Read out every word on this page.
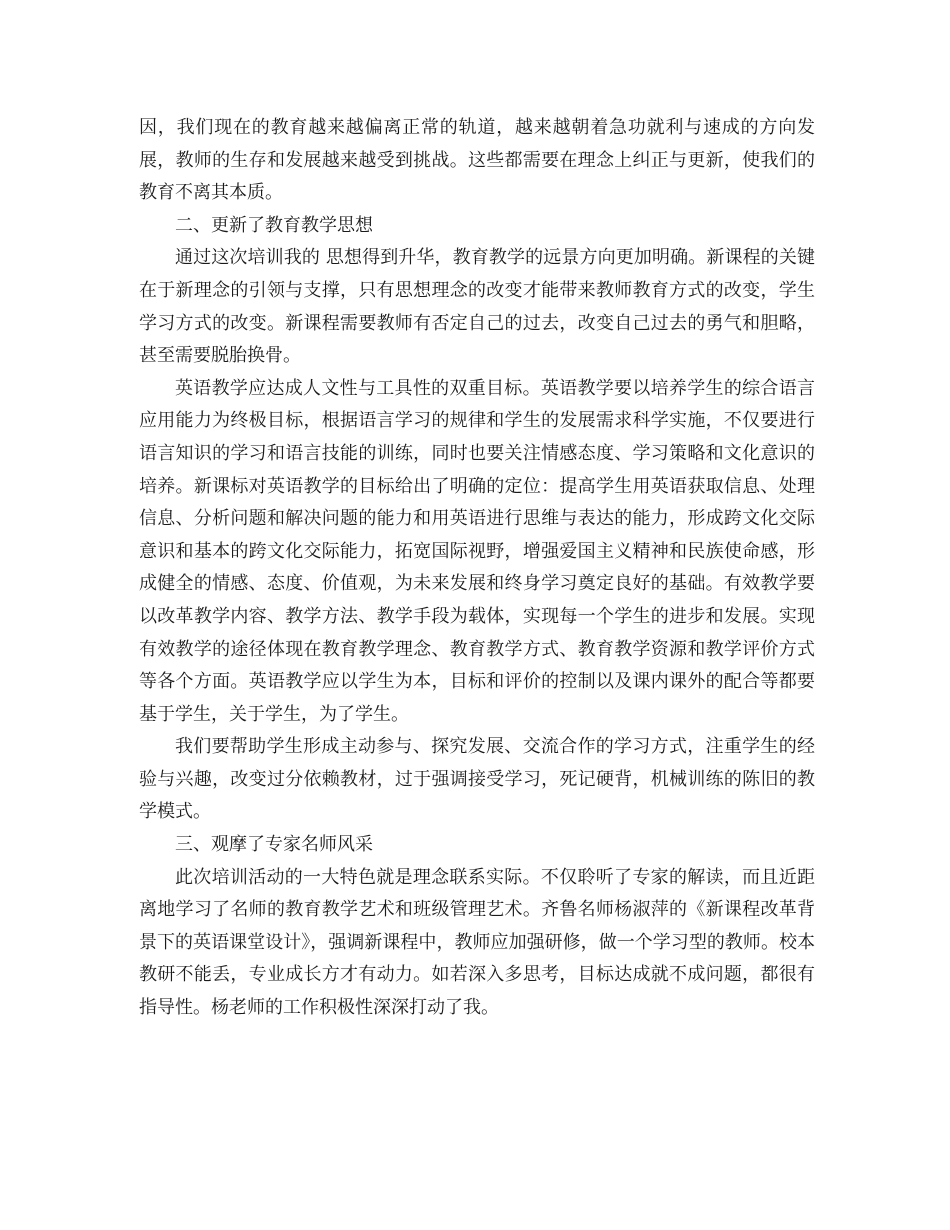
因，我们现在的教育越来越偏离正常的轨道，越来越朝着急功就利与速成的方向发展，教师的生存和发展越来越受到挑战。这些都需要在理念上纠正与更新，使我们的教育不离其本质。

二、更新了教育教学思想

通过这次培训我的 思想得到升华，教育教学的远景方向更加明确。新课程的关键在于新理念的引领与支撑，只有思想理念的改变才能带来教师教育方式的改变，学生学习方式的改变。新课程需要教师有否定自己的过去，改变自己过去的勇气和胆略，甚至需要脱胎换骨。

英语教学应达成人文性与工具性的双重目标。英语教学要以培养学生的综合语言应用能力为终极目标，根据语言学习的规律和学生的发展需求科学实施，不仅要进行语言知识的学习和语言技能的训练，同时也要关注情感态度、学习策略和文化意识的培养。新课标对英语教学的目标给出了明确的定位：提高学生用英语获取信息、处理信息、分析问题和解决问题的能力和用英语进行思维与表达的能力，形成跨文化交际意识和基本的跨文化交际能力，拓宽国际视野，增强爱国主义精神和民族使命感，形成健全的情感、态度、价值观，为未来发展和终身学习奠定良好的基础。有效教学要以改革教学内容、教学方法、教学手段为载体，实现每一个学生的进步和发展。实现有效教学的途径体现在教育教学理念、教育教学方式、教育教学资源和教学评价方式等各个方面。英语教学应以学生为本，目标和评价的控制以及课内课外的配合等都要基于学生，关于学生，为了学生。

我们要帮助学生形成主动参与、探究发展、交流合作的学习方式，注重学生的经验与兴趣，改变过分依赖教材，过于强调接受学习，死记硬背，机械训练的陈旧的教学模式。

三、观摩了专家名师风采

此次培训活动的一大特色就是理念联系实际。不仅聆听了专家的解读，而且近距离地学习了名师的教育教学艺术和班级管理艺术。齐鲁名师杨淑萍的《新课程改革背景下的英语课堂设计》，强调新课程中，教师应加强研修，做一个学习型的教师。校本教研不能丢，专业成长方才有动力。如若深入多思考，目标达成就不成问题，都很有指导性。杨老师的工作积极性深深打动了我。
